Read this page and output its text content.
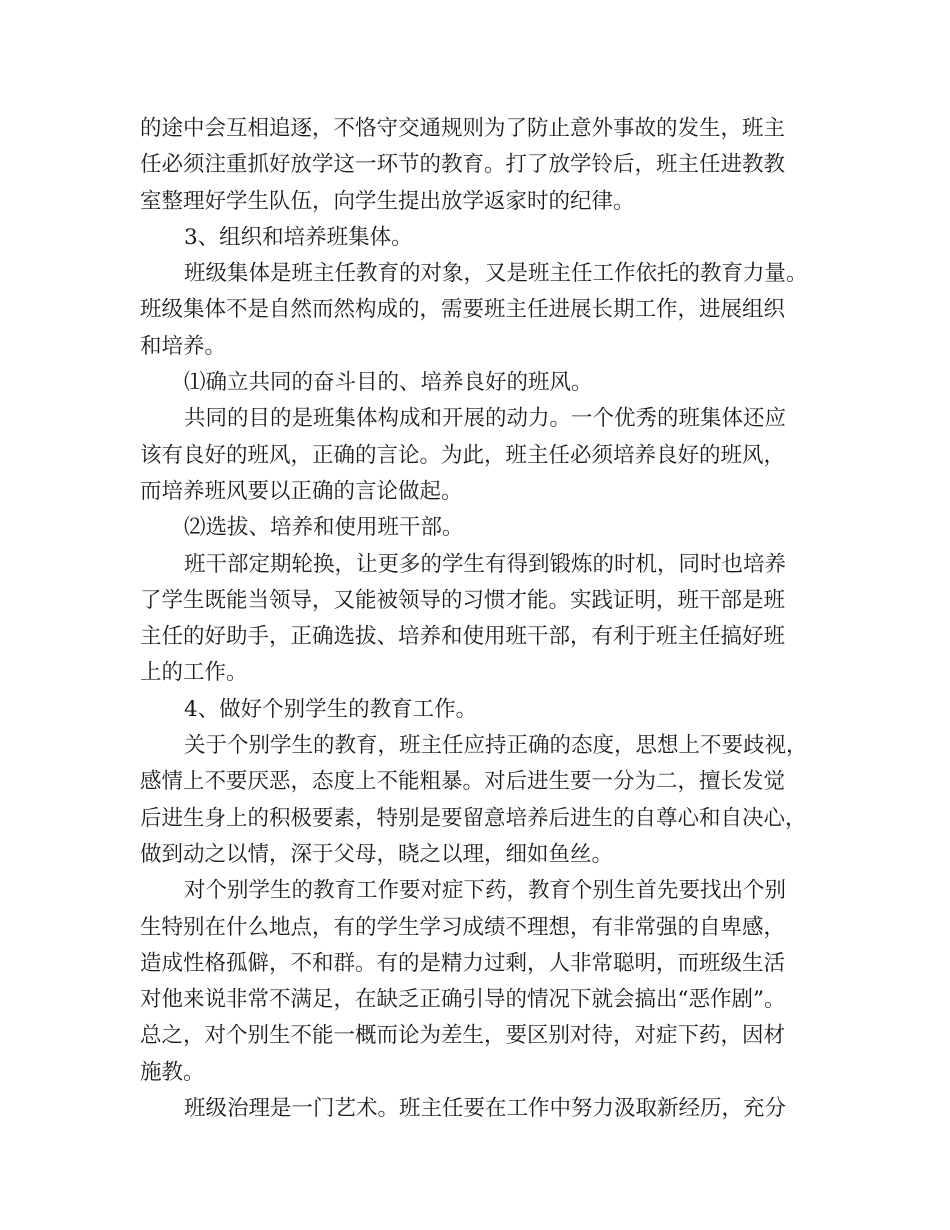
的途中会互相追逐，不恪守交通规则为了防止意外事故的发生，班主
任必须注重抓好放学这一环节的教育。打了放学铃后，班主任进教教
室整理好学生队伍，向学生提出放学返家时的纪律。
3、组织和培养班集体。
班级集体是班主任教育的对象，又是班主任工作依托的教育力量。
班级集体不是自然而然构成的，需要班主任进展长期工作，进展组织
和培养。
⑴确立共同的奋斗目的、培养良好的班风。
共同的目的是班集体构成和开展的动力。一个优秀的班集体还应
该有良好的班风，正确的言论。为此，班主任必须培养良好的班风，
而培养班风要以正确的言论做起。
⑵选拔、培养和使用班干部。
班干部定期轮换，让更多的学生有得到锻炼的时机，同时也培养
了学生既能当领导，又能被领导的习惯才能。实践证明，班干部是班
主任的好助手，正确选拔、培养和使用班干部，有利于班主任搞好班
上的工作。
4、做好个别学生的教育工作。
关于个别学生的教育，班主任应持正确的态度，思想上不要歧视，
感情上不要厌恶，态度上不能粗暴。对后进生要一分为二，擅长发觉
后进生身上的积极要素，特别是要留意培养后进生的自尊心和自决心，
做到动之以情，深于父母，晓之以理，细如鱼丝。
对个别学生的教育工作要对症下药，教育个别生首先要找出个别
生特别在什么地点，有的学生学习成绩不理想，有非常强的自卑感，
造成性格孤僻，不和群。有的是精力过剩，人非常聪明，而班级生活
对他来说非常不满足，在缺乏正确引导的情况下就会搞出“恶作剧”。
总之，对个别生不能一概而论为差生，要区别对待，对症下药，因材
施教。
班级治理是一门艺术。班主任要在工作中努力汲取新经历，充分
